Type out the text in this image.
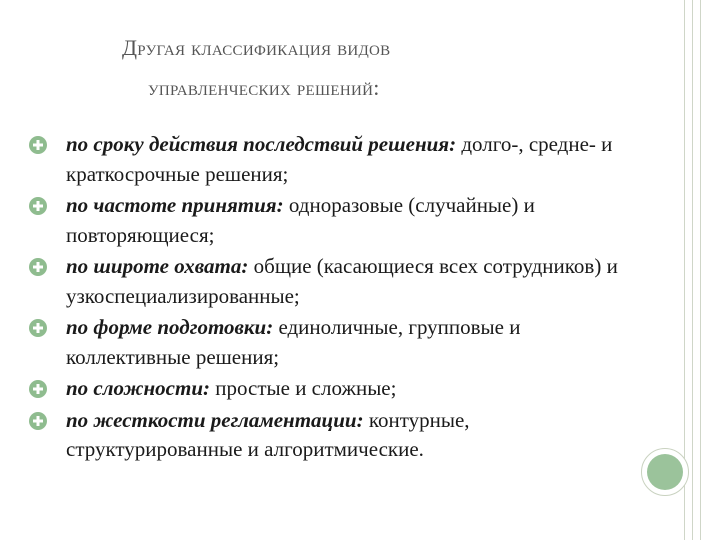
Другая классификация видов
управленческих решений:
по сроку действия последствий решения: долго-, средне- и краткосрочные решения;
по частоте принятия: одноразовые (случайные) и повторяющиеся;
по широте охвата: общие (касающиеся всех сотрудников) и узкоспециализированные;
по форме подготовки: единоличные, групповые и коллективные решения;
по сложности: простые и сложные;
по жесткости регламентации: контурные, структурированные и алгоритмические.
